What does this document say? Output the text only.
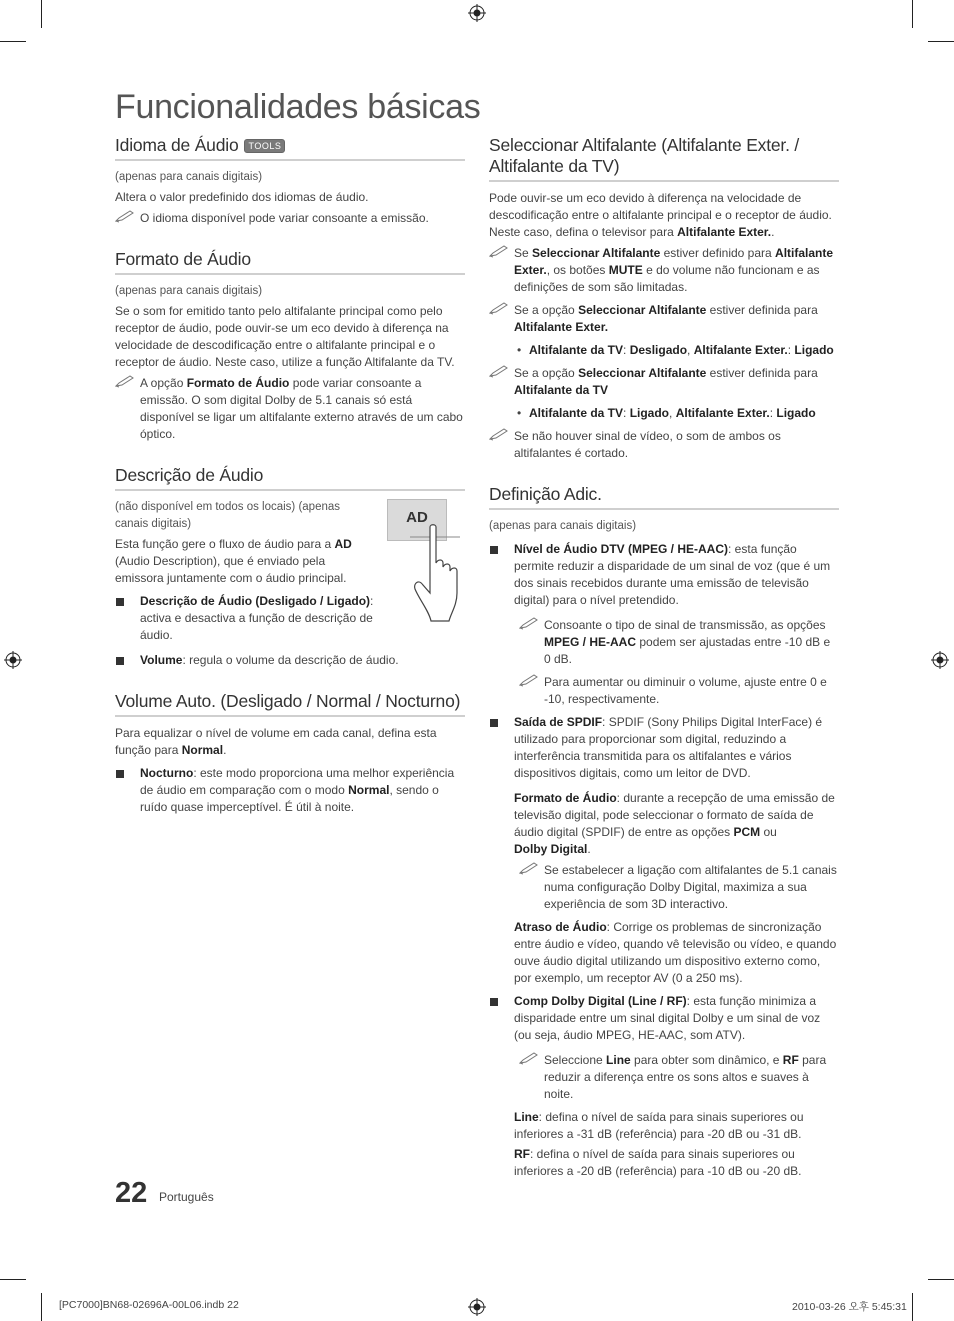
Funcionalidades básicas
Idioma de Áudio TOOLS

(apenas para canais digitais)

Altera o valor predefinido dos idiomas de áudio.

O idioma disponível pode variar consoante a emissão.
Formato de Áudio

(apenas para canais digitais)

Se o som for emitido tanto pelo altifalante principal como pelo receptor de áudio, pode ouvir-se um eco devido à diferença na velocidade de descodificação entre o altifalante principal e o receptor de áudio. Neste caso, utilize a função Altifalante da TV.

A opção Formato de Áudio pode variar consoante a emissão. O som digital Dolby de 5.1 canais só está disponível se ligar um altifalante externo através de um cabo óptico.
Descrição de Áudio

(não disponível em todos os locais) (apenas canais digitais)

Esta função gere o fluxo de áudio para a AD (Audio Description), que é enviado pela emissora juntamente com o áudio principal.

AD
Descrição de Áudio (Desligado / Ligado): activa e desactiva a função de descrição de áudio.
Volume: regula o volume da descrição de áudio.
Volume Auto. (Desligado / Normal / Nocturno)

Para equalizar o nível de volume em cada canal, defina esta função para Normal.

Nocturno: este modo proporciona uma melhor experiência de áudio em comparação com o modo Normal, sendo o ruído quase imperceptível. É útil à noite.
Seleccionar Altifalante (Altifalante Exter. / Altifalante da TV)

Pode ouvir-se um eco devido à diferença na velocidade de descodificação entre o altifalante principal e o receptor de áudio. Neste caso, defina o televisor para Altifalante Exter..

Se Seleccionar Altifalante estiver definido para Altifalante Exter., os botões MUTE e do volume não funcionam e as definições de som são limitadas.
Se a opção Seleccionar Altifalante estiver definida para Altifalante Exter.
• Altifalante da TV: Desligado, Altifalante Exter.: Ligado
Se a opção Seleccionar Altifalante estiver definida para Altifalante da TV
• Altifalante da TV: Ligado, Altifalante Exter.: Ligado
Se não houver sinal de vídeo, o som de ambos os altifalantes é cortado.
Definição Adic.

(apenas para canais digitais)

Nível de Áudio DTV (MPEG / HE-AAC): esta função permite reduzir a disparidade de um sinal de voz (que é um dos sinais recebidos durante uma emissão de televisão digital) para o nível pretendido.
Consoante o tipo de sinal de transmissão, as opções MPEG / HE-AAC podem ser ajustadas entre -10 dB e 0 dB.
Para aumentar ou diminuir o volume, ajuste entre 0 e -10, respectivamente.
Saída de SPDIF: SPDIF (Sony Philips Digital InterFace) é utilizado para proporcionar som digital, reduzindo a interferência transmitida para os altifalantes e vários dispositivos digitais, como um leitor de DVD.

Formato de Áudio: durante a recepção de uma emissão de televisão digital, pode seleccionar o formato de saída de áudio digital (SPDIF) de entre as opções PCM ou
Dolby Digital.

Se estabelecer a ligação com altifalantes de 5.1 canais numa configuração Dolby Digital, maximiza a sua experiência de som 3D interactivo.

Atraso de Áudio: Corrige os problemas de sincronização entre áudio e vídeo, quando vê televisão ou vídeo, e quando ouve áudio digital utilizando um dispositivo externo como, por exemplo, um receptor AV (0 a 250 ms).

Comp Dolby Digital (Line / RF): esta função minimiza a disparidade entre um sinal digital Dolby e um sinal de voz (ou seja, áudio MPEG, HE-AAC, som ATV).
Seleccione Line para obter som dinâmico, e RF para reduzir a diferença entre os sons altos e suaves à noite.

Line: defina o nível de saída para sinais superiores ou inferiores a -31 dB (referência) para -20 dB ou -31 dB.

RF: defina o nível de saída para sinais superiores ou inferiores a -20 dB (referência) para -10 dB ou -20 dB.

22 Português
[PC7000]BN68-02696A-00L06.indb 22	2010-03-26 오후 5:45:31
